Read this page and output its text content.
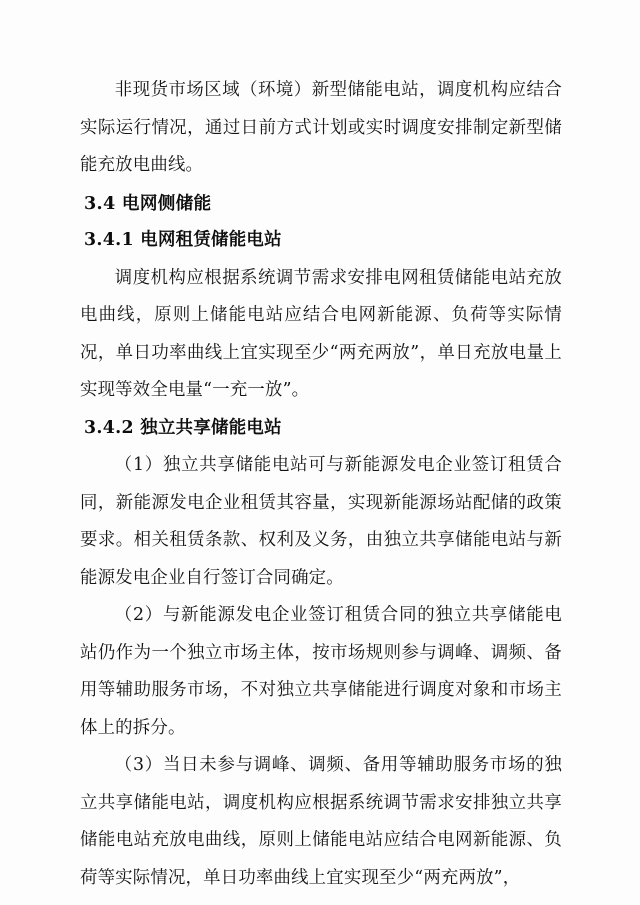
非现货市场区域（环境）新型储能电站，调度机构应结合实际运行情况，通过日前方式计划或实时调度安排制定新型储能充放电曲线。

3.4 电网侧储能
3.4.1 电网租赁储能电站

调度机构应根据系统调节需求安排电网租赁储能电站充放电曲线，原则上储能电站应结合电网新能源、负荷等实际情况，单日功率曲线上宜实现至少“两充两放”，单日充放电量上实现等效全电量“一充一放”。

3.4.2 独立共享储能电站

（1）独立共享储能电站可与新能源发电企业签订租赁合同，新能源发电企业租赁其容量，实现新能源场站配储的政策要求。相关租赁条款、权利及义务，由独立共享储能电站与新能源发电企业自行签订合同确定。

（2）与新能源发电企业签订租赁合同的独立共享储能电站仍作为一个独立市场主体，按市场规则参与调峰、调频、备用等辅助服务市场，不对独立共享储能进行调度对象和市场主体上的拆分。

（3）当日未参与调峰、调频、备用等辅助服务市场的独立共享储能电站，调度机构应根据系统调节需求安排独立共享储能电站充放电曲线，原则上储能电站应结合电网新能源、负荷等实际情况，单日功率曲线上宜实现至少“两充两放”，
